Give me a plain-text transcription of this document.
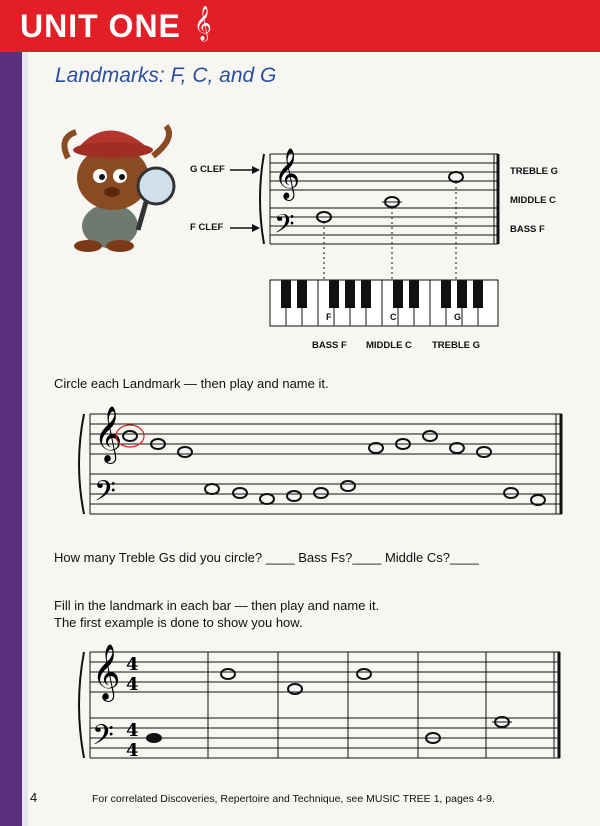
UNIT ONE 𝄞
Landmarks: F, C, and G
𝄞
𝄢
G CLEF
F CLEF
TREBLE G
MIDDLE C
BASS F
F	C	G
BASS F MIDDLE C TREBLE G
Circle each Landmark — then play and name it.
𝄞
𝄢
How many Treble Gs did you circle? ____ Bass Fs?____ Middle Cs?____
Fill in the landmark in each bar — then play and name it.
The first example is done to show you how.
𝄞
𝄢
4
4
4
4
4	For correlated Discoveries, Repertoire and Technique, see MUSIC TREE 1, pages 4-9.
